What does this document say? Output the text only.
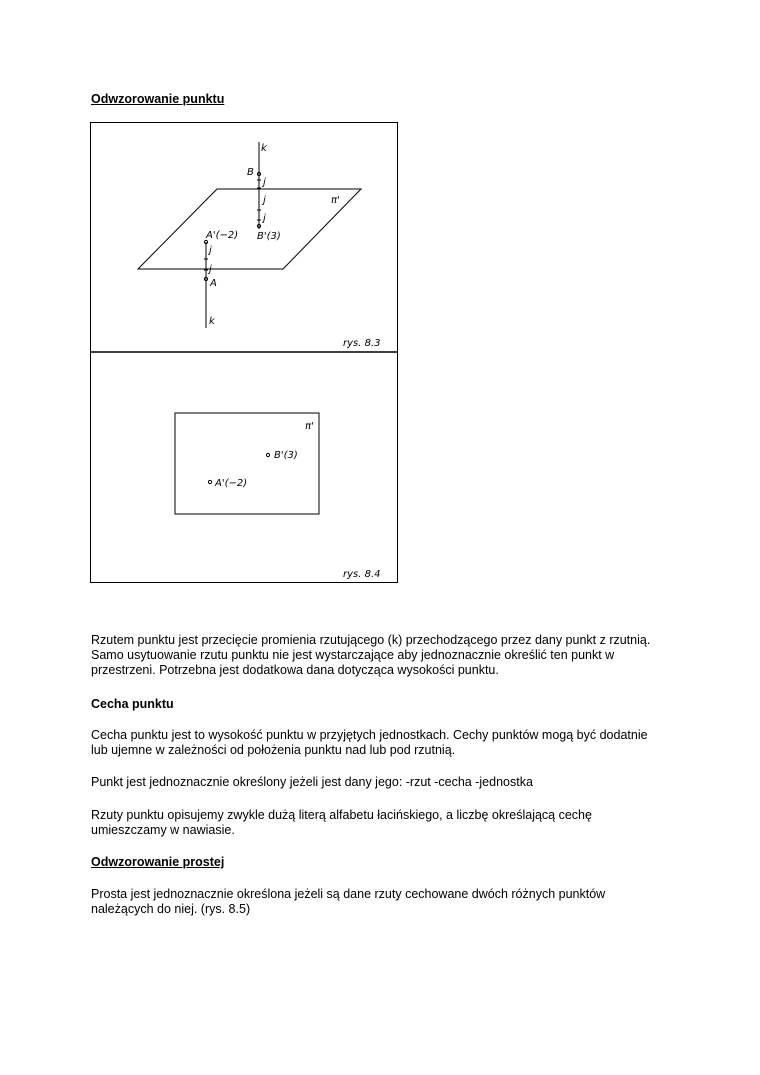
Odwzorowanie punktu
k
B
j
j
j
π'
A'(−2) B'(3)
j
j
A
k
rys. 8.3
π'
B'(3)
A'(−2)
rys. 8.4

Rzutem punktu jest przecięcie promienia rzutującego (k) przechodzącego przez dany punkt z rzutnią.
Samo usytuowanie rzutu punktu nie jest wystarczające aby jednoznacznie określić ten punkt w
przestrzeni. Potrzebna jest dodatkowa dana dotycząca wysokości punktu.

Cecha punktu

Cecha punktu jest to wysokość punktu w przyjętych jednostkach. Cechy punktów mogą być dodatnie
lub ujemne w zależności od położenia punktu nad lub pod rzutnią.

Punkt jest jednoznacznie określony jeżeli jest dany jego: -rzut -cecha -jednostka

Rzuty punktu opisujemy zwykle dużą literą alfabetu łacińskiego, a liczbę określającą cechę
umieszczamy w nawiasie.

Odwzorowanie prostej

Prosta jest jednoznacznie określona jeżeli są dane rzuty cechowane dwóch różnych punktów
należących do niej. (rys. 8.5)
